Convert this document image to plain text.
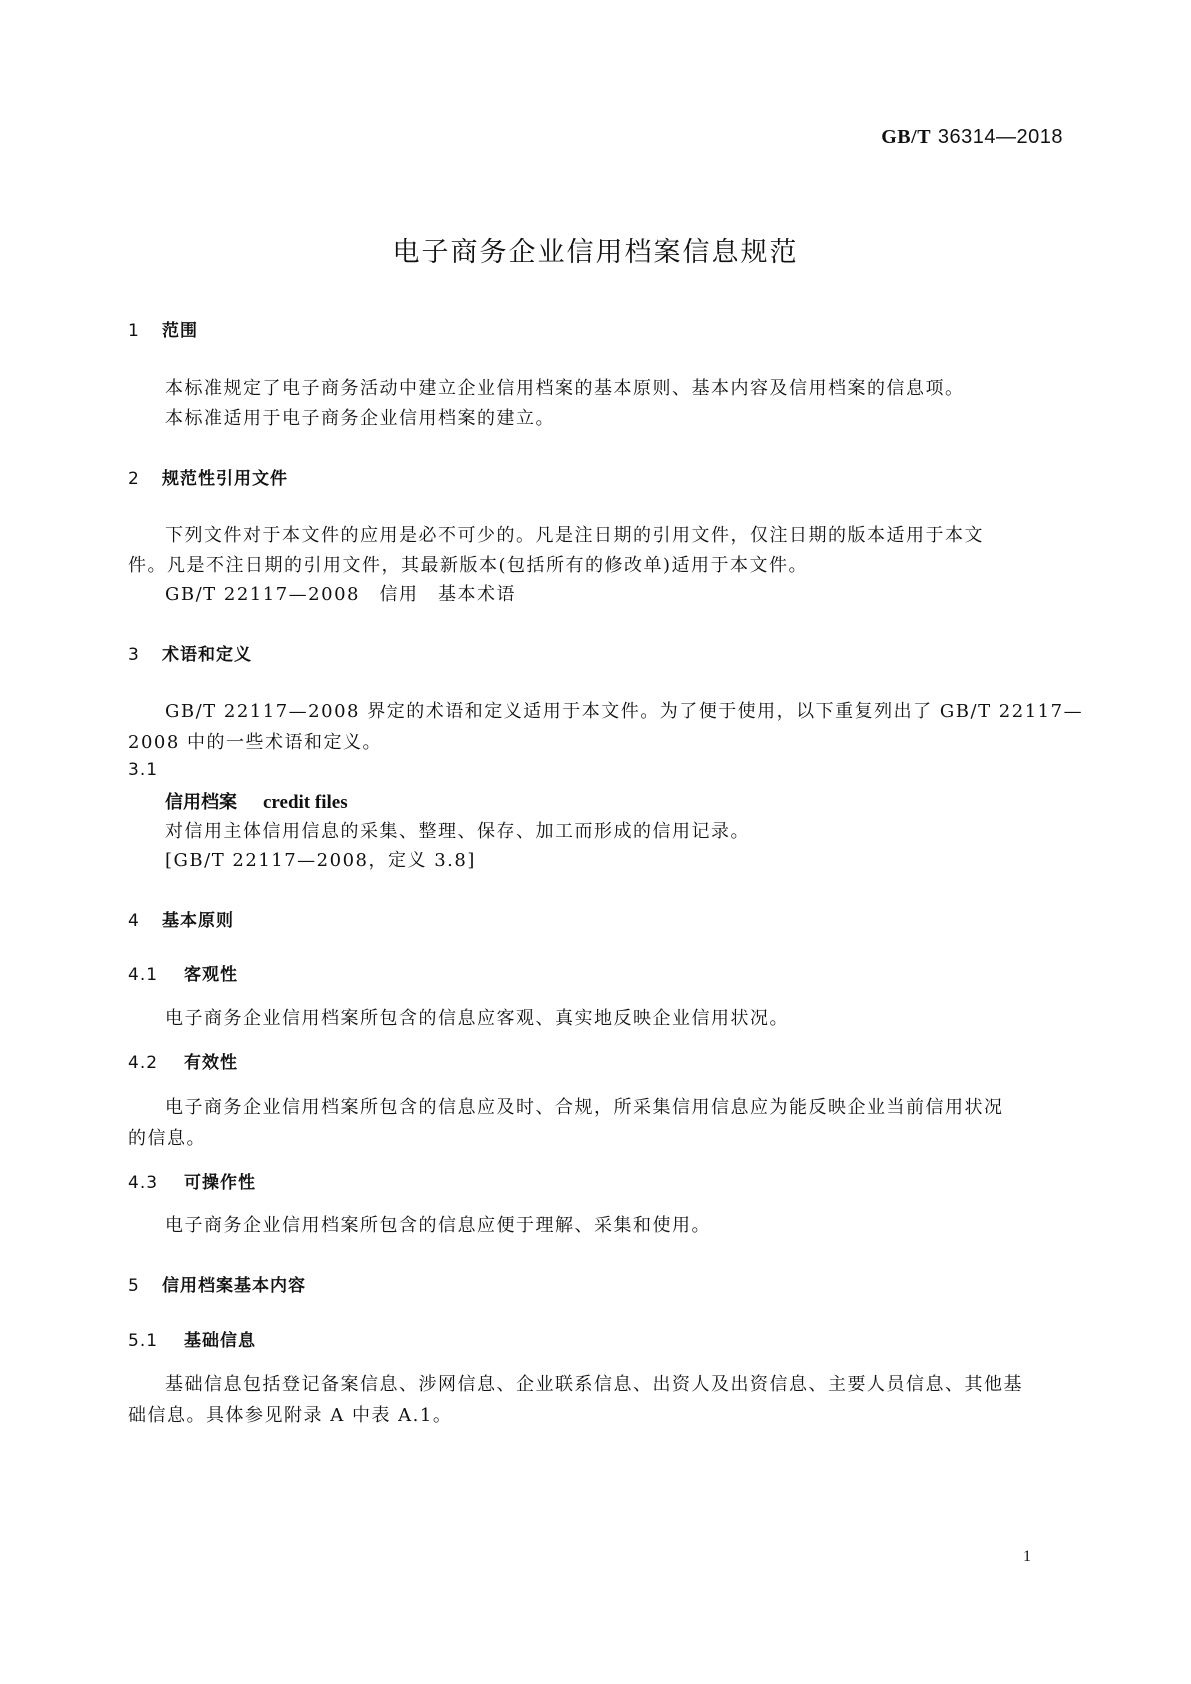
GB/T 36314—2018
电子商务企业信用档案信息规范
1 范围
本标准规定了电子商务活动中建立企业信用档案的基本原则、基本内容及信用档案的信息项。
本标准适用于电子商务企业信用档案的建立。
2 规范性引用文件
下列文件对于本文件的应用是必不可少的。凡是注日期的引用文件，仅注日期的版本适用于本文
件。凡是不注日期的引用文件，其最新版本(包括所有的修改单)适用于本文件。
GB/T 22117—2008　信用　基本术语
3 术语和定义
GB/T 22117—2008 界定的术语和定义适用于本文件。为了便于使用，以下重复列出了 GB/T 22117—
2008 中的一些术语和定义。
3.1
信用档案 credit files
对信用主体信用信息的采集、整理、保存、加工而形成的信用记录。
[GB/T 22117—2008，定义 3.8]
4 基本原则
4.1 客观性
电子商务企业信用档案所包含的信息应客观、真实地反映企业信用状况。
4.2 有效性
电子商务企业信用档案所包含的信息应及时、合规，所采集信用信息应为能反映企业当前信用状况
的信息。
4.3 可操作性
电子商务企业信用档案所包含的信息应便于理解、采集和使用。
5 信用档案基本内容
5.1 基础信息
基础信息包括登记备案信息、涉网信息、企业联系信息、出资人及出资信息、主要人员信息、其他基
础信息。具体参见附录 A 中表 A.1。
1
